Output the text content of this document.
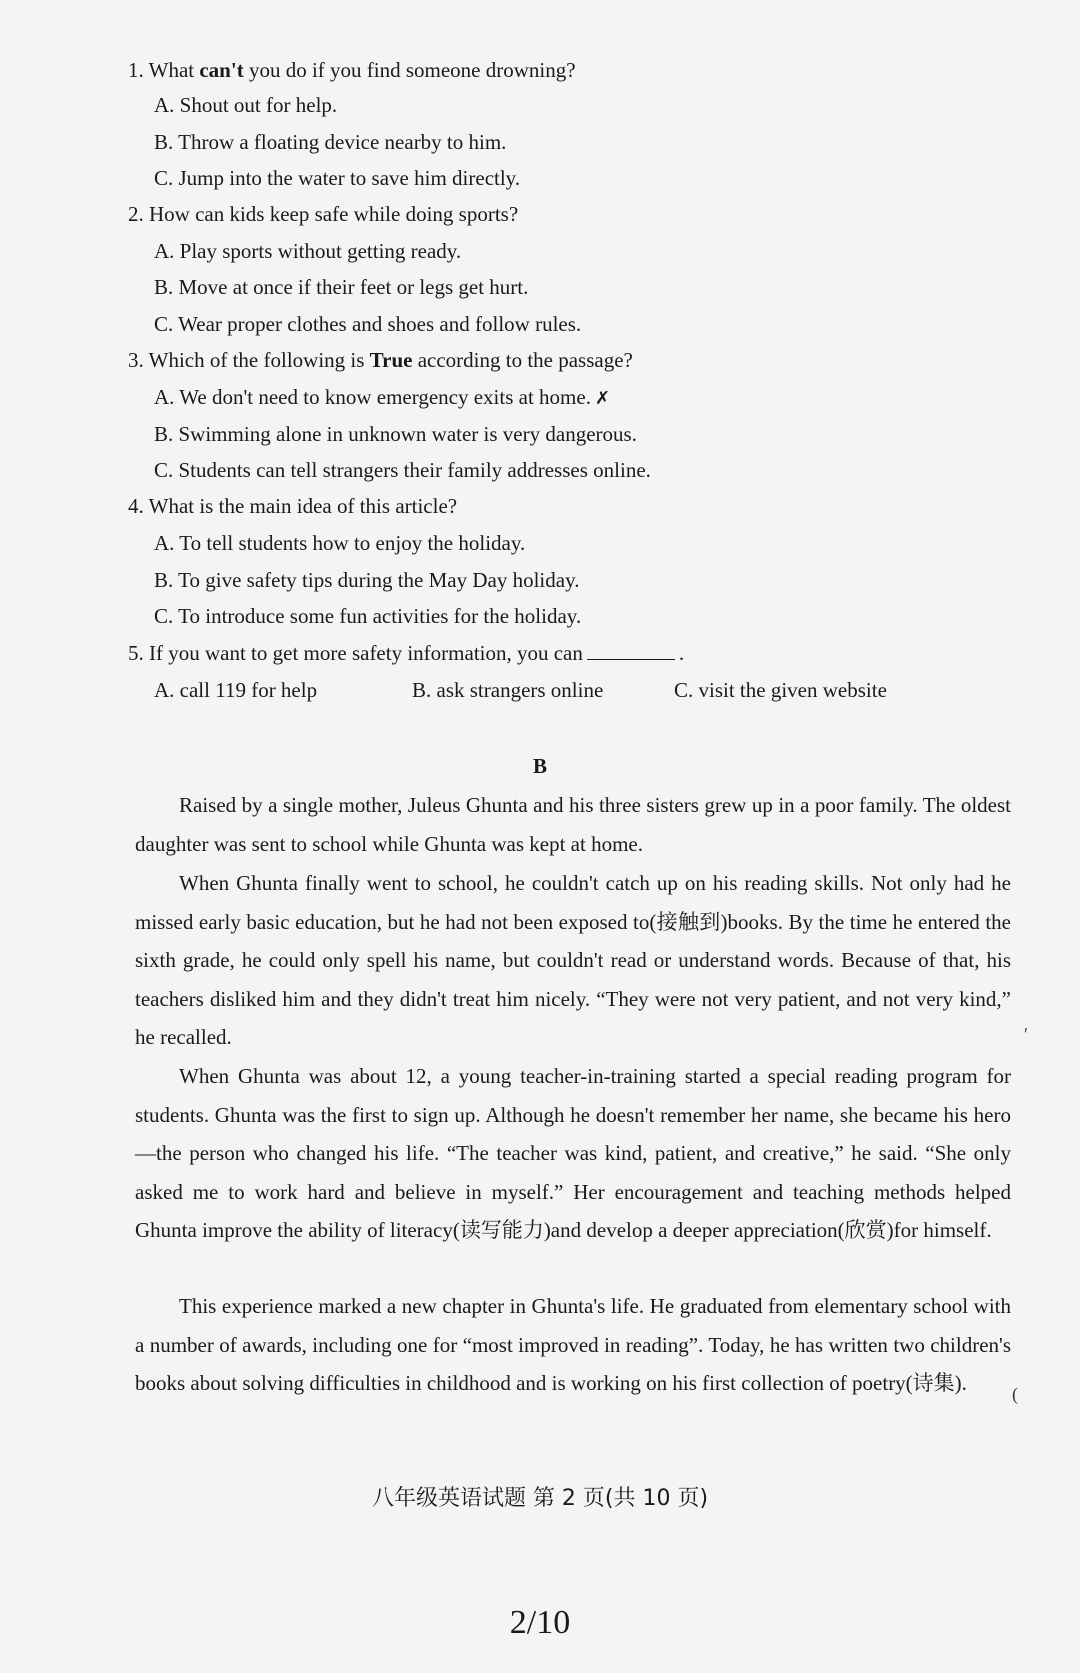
1. What can't you do if you find someone drowning?
A. Shout out for help.
B. Throw a floating device nearby to him.
C. Jump into the water to save him directly.
2. How can kids keep safe while doing sports?
A. Play sports without getting ready.
B. Move at once if their feet or legs get hurt.
C. Wear proper clothes and shoes and follow rules.
3. Which of the following is True according to the passage?
A. We don't need to know emergency exits at home. ✗
B. Swimming alone in unknown water is very dangerous.
C. Students can tell strangers their family addresses online.
4. What is the main idea of this article?
A. To tell students how to enjoy the holiday.
B. To give safety tips during the May Day holiday.
C. To introduce some fun activities for the holiday.
5. If you want to get more safety information, you can	.
A. call 119 for help	B. ask strangers online	C. visit the given website
B

Raised by a single mother, Juleus Ghunta and his three sisters grew up in a poor family. The oldest daughter was sent to school while Ghunta was kept at home.

When Ghunta finally went to school, he couldn't catch up on his reading skills. Not only had he missed early basic education, but he had not been exposed to(接触到)books. By the time he entered the sixth grade, he could only spell his name, but couldn't read or understand words. Because of that, his teachers disliked him and they didn't treat him nicely. “They were not very patient, and not very kind,” he recalled.

When Ghunta was about 12, a young teacher-in-training started a special reading program for students. Ghunta was the first to sign up. Although he doesn't remember her name, she became his hero—the person who changed his life. “The teacher was kind, patient, and creative,” he said. “She only asked me to work hard and believe in myself.” Her encouragement and teaching methods helped Ghunta improve the ability of literacy(读写能力)and develop a deeper appreciation(欣赏)for himself.

This experience marked a new chapter in Ghunta's life. He graduated from elementary school with a number of awards, including one for “most improved in reading”. Today, he has written two children's books about solving difficulties in childhood and is working on his first collection of poetry(诗集).

ʹ
(
八年级英语试题 第 2 页(共 10 页)
2/10
